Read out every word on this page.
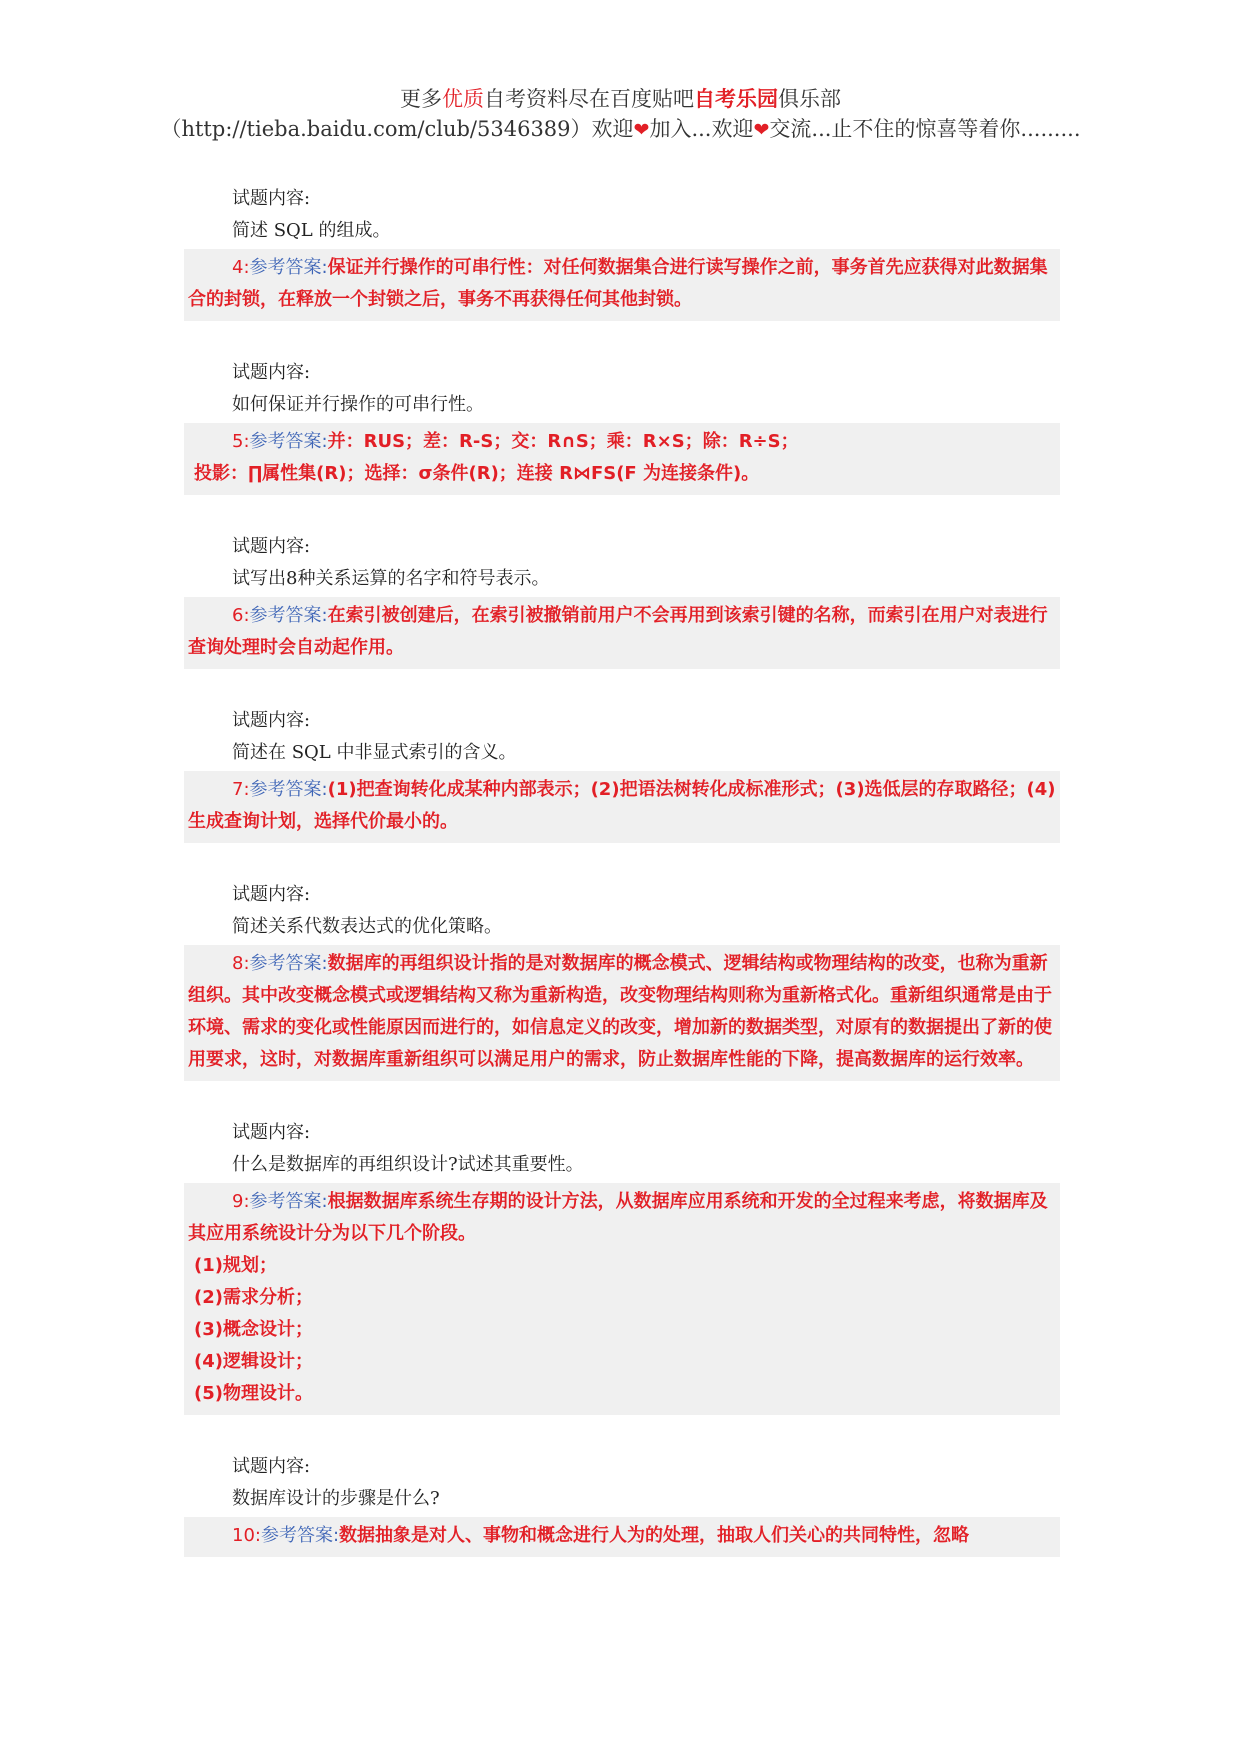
更多优质自考资料尽在百度贴吧自考乐园俱乐部
（http://tieba.baidu.com/club/5346389）欢迎❤加入...欢迎❤交流...止不住的惊喜等着你.........
试题内容:
简述 SQL 的组成。
4:参考答案:保证并行操作的可串行性：对任何数据集合进行读写操作之前，事务首先应获得对此数据集合的封锁，在释放一个封锁之后，事务不再获得任何其他封锁。
试题内容:
如何保证并行操作的可串行性。
5:参考答案:并：RUS；差：R-S；交：R∩S；乘：R×S；除：R÷S；
投影：∏属性集(R)；选择：σ条件(R)；连接 R⋈FS(F 为连接条件)。
试题内容:
试写出8种关系运算的名字和符号表示。
6:参考答案:在索引被创建后，在索引被撤销前用户不会再用到该索引键的名称，而索引在用户对表进行查询处理时会自动起作用。
试题内容:
简述在 SQL 中非显式索引的含义。
7:参考答案:(1)把查询转化成某种内部表示；(2)把语法树转化成标准形式；(3)选低层的存取路径；(4)生成查询计划，选择代价最小的。
试题内容:
简述关系代数表达式的优化策略。
8:参考答案:数据库的再组织设计指的是对数据库的概念模式、逻辑结构或物理结构的改变，也称为重新组织。其中改变概念模式或逻辑结构又称为重新构造，改变物理结构则称为重新格式化。重新组织通常是由于环境、需求的变化或性能原因而进行的，如信息定义的改变，增加新的数据类型，对原有的数据提出了新的使用要求，这时，对数据库重新组织可以满足用户的需求，防止数据库性能的下降，提高数据库的运行效率。
试题内容:
什么是数据库的再组织设计?试述其重要性。
9:参考答案:根据数据库系统生存期的设计方法，从数据库应用系统和开发的全过程来考虑，将数据库及其应用系统设计分为以下几个阶段。
(1)规划；
(2)需求分析；
(3)概念设计；
(4)逻辑设计；
(5)物理设计。
试题内容:
数据库设计的步骤是什么?
10:参考答案:数据抽象是对人、事物和概念进行人为的处理，抽取人们关心的共同特性，忽略
